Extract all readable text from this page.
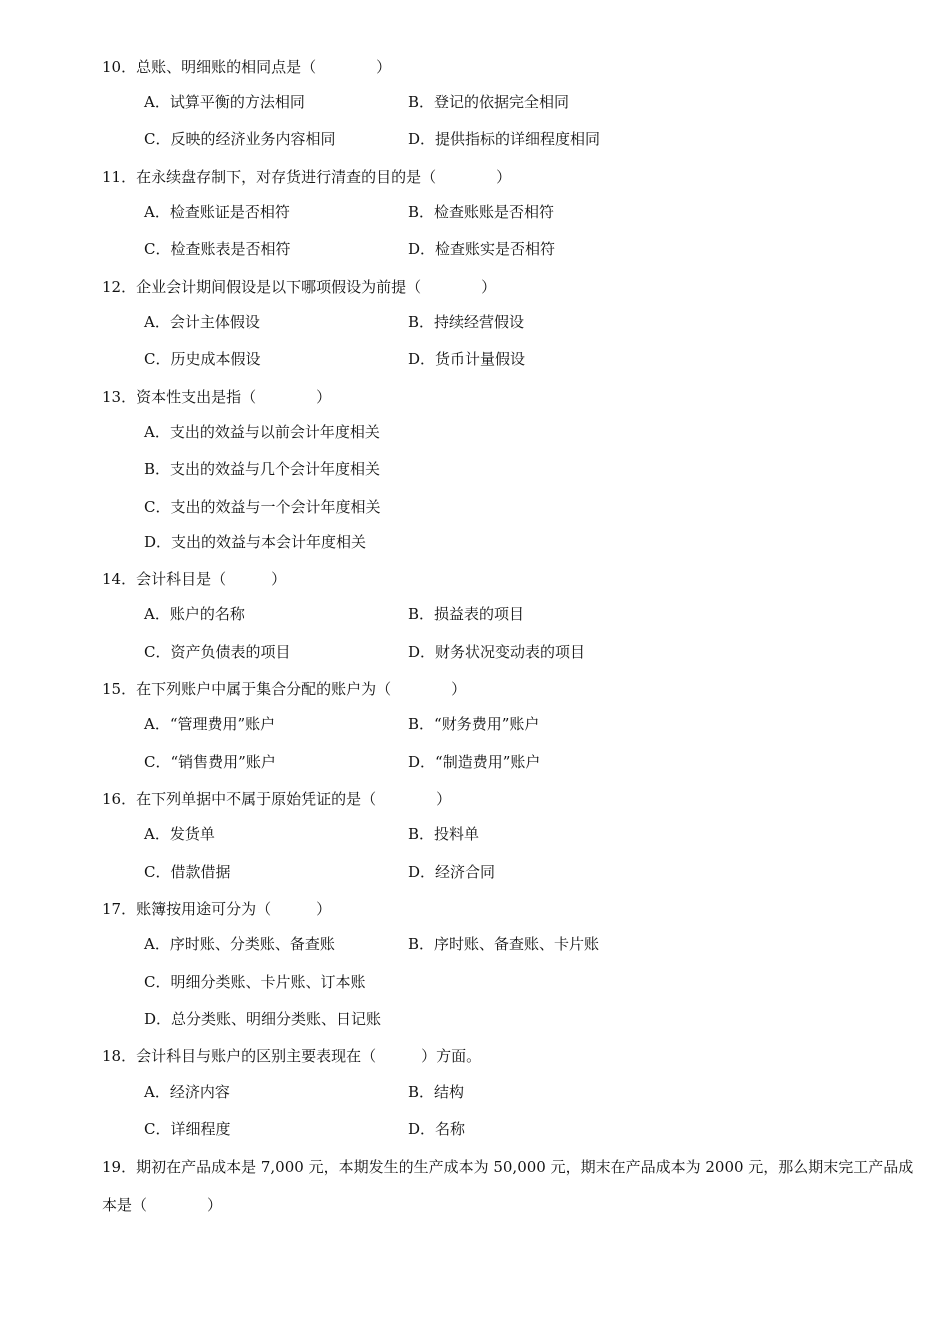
10．总账、明细账的相同点是（　　　　）
A．试算平衡的方法相同	B．登记的依据完全相同
C．反映的经济业务内容相同	D．提供指标的详细程度相同
11．在永续盘存制下，对存货进行清查的目的是（　　　　）
A．检查账证是否相符	B．检查账账是否相符
C．检查账表是否相符	D．检查账实是否相符
12．企业会计期间假设是以下哪项假设为前提（　　　　）
A．会计主体假设	B．持续经营假设
C．历史成本假设	D．货币计量假设
13．资本性支出是指（　　　　）
A．支出的效益与以前会计年度相关
B．支出的效益与几个会计年度相关
C．支出的效益与一个会计年度相关
D．支出的效益与本会计年度相关
14．会计科目是（　　　）
A．账户的名称	B．损益表的项目
C．资产负债表的项目	D．财务状况变动表的项目
15．在下列账户中属于集合分配的账户为（　　　　）
A．“管理费用”账户	B．“财务费用”账户
C．“销售费用”账户	D．“制造费用”账户
16．在下列单据中不属于原始凭证的是（　　　　）
A．发货单	B．投料单
C．借款借据	D．经济合同
17．账簿按用途可分为（　　　）
A．序时账、分类账、备查账	B．序时账、备查账、卡片账
C．明细分类账、卡片账、订本账
D．总分类账、明细分类账、日记账
18．会计科目与账户的区别主要表现在（　　　）方面。
A．经济内容	B．结构
C．详细程度	D．名称
19．期初在产品成本是 7,000 元，本期发生的生产成本为 50,000 元，期末在产品成本为 2000 元，那么期末完工产品成本是（　　　　）
